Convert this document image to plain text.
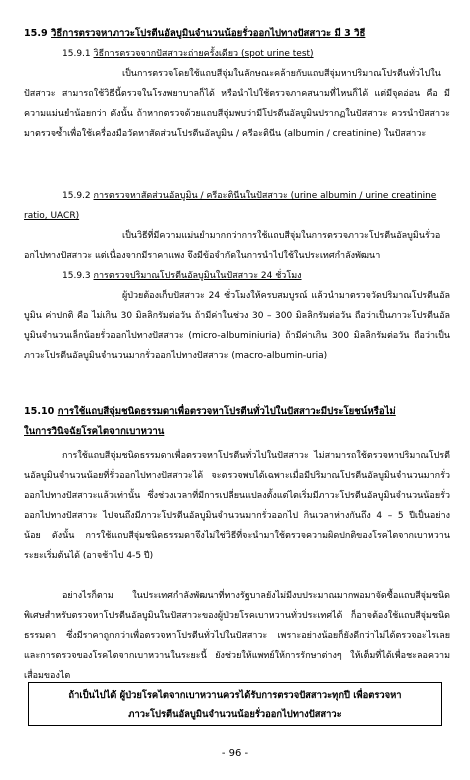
15.9 วิธีการตรวจหาภาวะโปรตีนอัลบูมินจำนวนน้อยรั่วออกไปทางปัสสาวะ มี 3 วิธี
15.9.1 วิธีการตรวจจากปัสสาวะถ่ายครั้งเดียว (spot urine test)

เป็นการตรวจโดยใช้แถบสีจุ่มในลักษณะคล้ายกับแถบสีจุ่มหาปริมาณโปรตีนทั่วไปในปัสสาวะ สามารถใช้วิธีนี้ตรวจในโรงพยาบาลก็ได้ หรือนำไปใช้ตรวจภาคสนามที่ไหนก็ได้ แต่มีจุดอ่อน คือ มีความแม่นยำน้อยกว่า ดังนั้น ถ้าหากตรวจด้วยแถบสีจุ่มพบว่ามีโปรตีนอัลบูมินปรากฏในปัสสาวะ ควรนำปัสสาวะมาตรวจซ้ำเพื่อใช้เครื่องมือวัดหาสัดส่วนโปรตีนอัลบูมิน / ครีอะตินีน (albumin / creatinine) ในปัสสาวะ

15.9.2 การตรวจหาสัดส่วนอัลบูมิน / ครีอะตินีนในปัสสาวะ (urine albumin / urine creatinine ratio, UACR)

เป็นวิธีที่มีความแม่นยำมากกว่าการใช้แถบสีจุ่มในการตรวจภาวะโปรตีนอัลบูมินรั่วออกไปทางปัสสาวะ แต่เนื่องจากมีราคาแพง จึงมีข้อจำกัดในการนำไปใช้ในประเทศกำลังพัฒนา

15.9.3 การตรวจปริมาณโปรตีนอัลบูมินในปัสสาวะ 24 ชั่วโมง

ผู้ป่วยต้องเก็บปัสสาวะ 24 ชั่วโมงให้ครบสมบูรณ์ แล้วนำมาตรวจวัดปริมาณโปรตีนอัลบูมิน ค่าปกติ คือ ไม่เกิน 30 มิลลิกรัมต่อวัน ถ้ามีค่าในช่วง 30 – 300 มิลลิกรัมต่อวัน ถือว่าเป็นภาวะโปรตีนอัลบูมินจำนวนเล็กน้อยรั่วออกไปทางปัสสาวะ (micro-albuminiuria) ถ้ามีค่าเกิน 300 มิลลิกรัมต่อวัน ถือว่าเป็นภาวะโปรตีนอัลบูมินจำนวนมากรั่วออกไปทางปัสสาวะ (macro-albumin-uria)

15.10 การใช้แถบสีจุ่มชนิดธรรมดาเพื่อตรวจหาโปรตีนทั่วไปในปัสสาวะมีประโยชน์หรือไม่
ในการวินิจฉัยโรคไตจากเบาหวาน

การใช้แถบสีจุ่มชนิดธรรมดาเพื่อตรวจหาโปรตีนทั่วไปในปัสสาวะ ไม่สามารถใช้ตรวจหาปริมาณโปรตีนอัลบูมินจำนวนน้อยที่รั่วออกไปทางปัสสาวะได้ จะตรวจพบได้เฉพาะเมื่อมีปริมาณโปรตีนอัลบูมินจำนวนมากรั่วออกไปทางปัสสาวะแล้วเท่านั้น ซึ่งช่วงเวลาที่มีการเปลี่ยนแปลงตั้งแต่ไตเริ่มมีภาวะโปรตีนอัลบูมินจำนวนน้อยรั่วออกไปทางปัสสาวะ ไปจนถึงมีภาวะโปรตีนอัลบูมินจำนวนมากรั่วออกไป กินเวลาห่างกันถึง 4 – 5 ปีเป็นอย่างน้อย ดังนั้น การใช้แถบสีจุ่มชนิดธรรมดาจึงไม่ใช่วิธีที่จะนำมาใช้ตรวจความผิดปกติของโรคไตจากเบาหวานระยะเริ่มต้นได้ (อาจช้าไป 4-5 ปี)

อย่างไรก็ตาม ในประเทศกำลังพัฒนาที่ทางรัฐบาลยังไม่มีงบประมาณมากพอมาจัดซื้อแถบสีจุ่มชนิดพิเศษสำหรับตรวจหาโปรตีนอัลบูมินในปัสสาวะของผู้ป่วยโรคเบาหวานทั่วประเทศได้ ก็อาจต้องใช้แถบสีจุ่มชนิดธรรมดา ซึ่งมีราคาถูกกว่าเพื่อตรวจหาโปรตีนทั่วไปในปัสสาวะ เพราะอย่างน้อยก็ยังดีกว่าไม่ได้ตรวจอะไรเลย และการตรวจของโรคไตจากเบาหวานในระยะนี้ ยังช่วยให้แพทย์ให้การรักษาต่างๆ ให้เต็มที่ได้เพื่อชะลอความเสื่อมของไต

ถ้าเป็นไปได้ ผู้ป่วยโรคไตจากเบาหวานควรได้รับการตรวจปัสสาวะทุกปี เพื่อตรวจหา
ภาวะโปรตีนอัลบูมินจำนวนน้อยรั่วออกไปทางปัสสาวะ
- 96 -
